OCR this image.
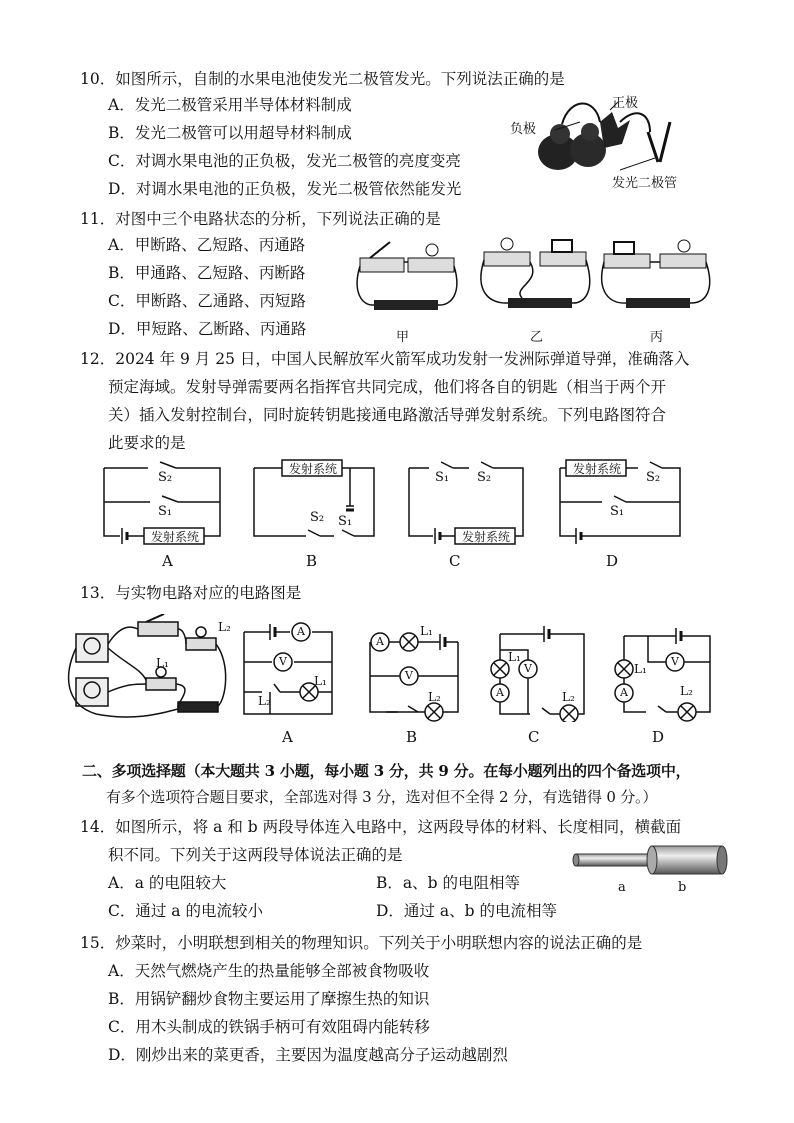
10．如图所示，自制的水果电池使发光二极管发光。下列说法正确的是
A．发光二极管采用半导体材料制成
B．发光二极管可以用超导材料制成
C．对调水果电池的正负极，发光二极管的亮度变亮
D．对调水果电池的正负极，发光二极管依然能发光
负极
正极
发光二极管
11．对图中三个电路状态的分析，下列说法正确的是
A．甲断路、乙短路、丙通路
B．甲通路、乙短路、丙断路
C．甲断路、乙通路、丙短路
D．甲短路、乙断路、丙通路	甲	乙	丙
12．2024 年 9 月 25 日，中国人民解放军火箭军成功发射一发洲际弹道导弹，准确落入
预定海域。发射导弹需要两名指挥官共同完成，他们将各自的钥匙（相当于两个开
关）插入发射控制台，同时旋转钥匙接通电路激活导弹发射系统。下列电路图符合
此要求的是
S₂
S₁
发射系统
A
发射系统
S₂ S₁
B
S₁ S₂
发射系统
C
发射系统
S₂
S₁
D
13．与实物电路对应的电路图是
L₂
L₁
A
V
L₁
L₂
A
A
L₁
V
L₂
B
L₁
A
V
L₂
C
L₁
A
V
L₂
D
二、多项选择题（本大题共 3 小题，每小题 3 分，共 9 分。在每小题列出的四个备选项中，
有多个选项符合题目要求，全部选对得 3 分，选对但不全得 2 分，有选错得 0 分。）
14．如图所示，将 a 和 b 两段导体连入电路中，这两段导体的材料、长度相同，横截面
积不同。下列关于这两段导体说法正确的是
A．a 的电阻较大	B．a、b 的电阻相等
C．通过 a 的电流较小	D．通过 a、b 的电流相等
a	b
15．炒菜时，小明联想到相关的物理知识。下列关于小明联想内容的说法正确的是
A．天然气燃烧产生的热量能够全部被食物吸收
B．用锅铲翻炒食物主要运用了摩擦生热的知识
C．用木头制成的铁锅手柄可有效阻碍内能转移
D．刚炒出来的菜更香，主要因为温度越高分子运动越剧烈
